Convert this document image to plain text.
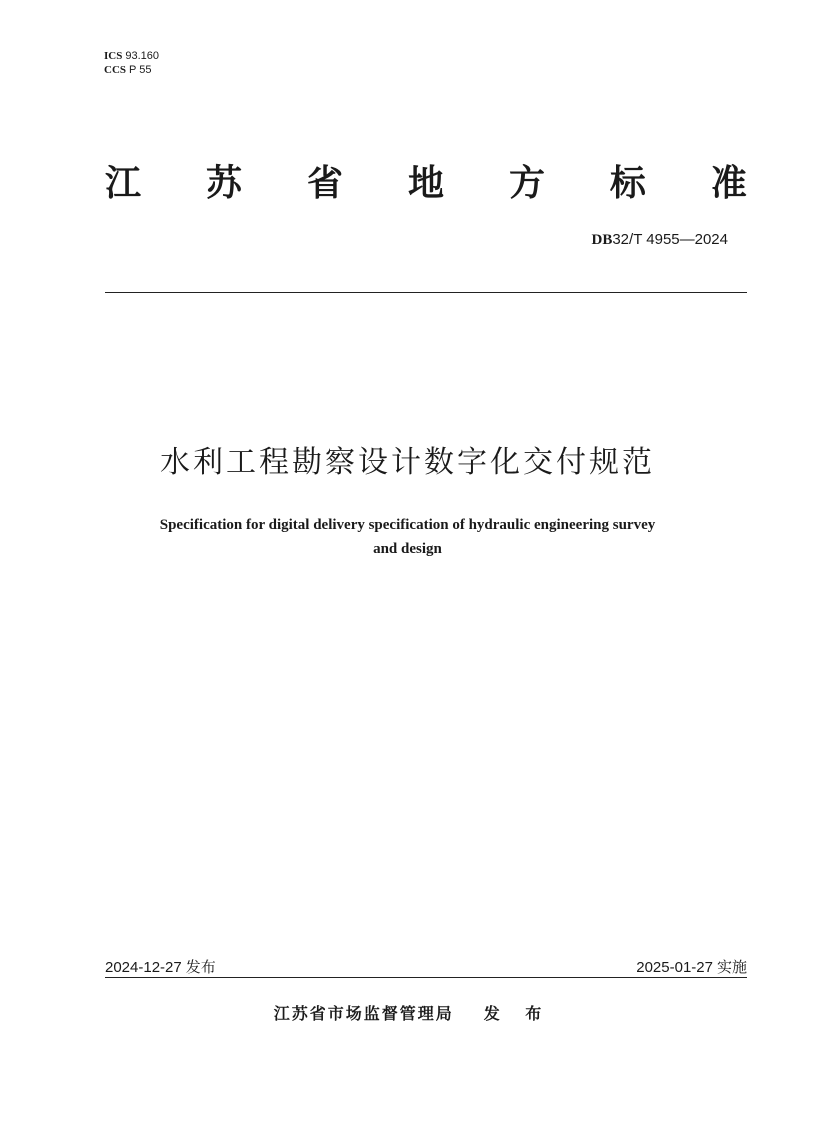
ICS 93.160
CCS P 55
江 苏 省 地 方 标 准
DB32/T 4955—2024
水利工程勘察设计数字化交付规范
Specification for digital delivery specification of hydraulic engineering survey
and design
2024-12-27 发布	2025-01-27 实施
江苏省市场监督管理局 发 布
